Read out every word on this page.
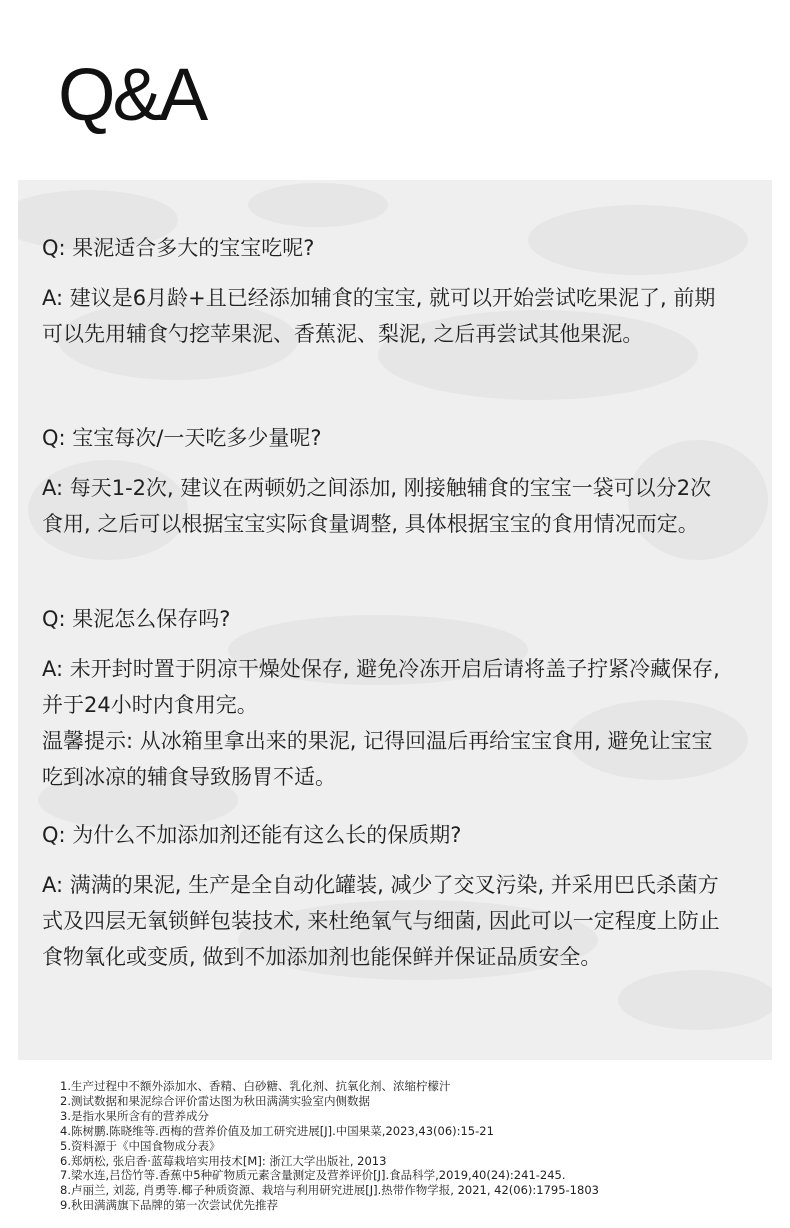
Q&A

Q: 果泥适合多大的宝宝吃呢?

A: 建议是6月龄+且已经添加辅食的宝宝, 就可以开始尝试吃果泥了, 前期可以先用辅食勺挖苹果泥、香蕉泥、梨泥, 之后再尝试其他果泥。

Q: 宝宝每次/一天吃多少量呢?

A: 每天1-2次, 建议在两顿奶之间添加, 刚接触辅食的宝宝一袋可以分2次食用, 之后可以根据宝宝实际食量调整, 具体根据宝宝的食用情况而定。

Q: 果泥怎么保存吗?

A: 未开封时置于阴凉干燥处保存, 避免冷冻开启后请将盖子拧紧冷藏保存, 并于24小时内食用完。

温馨提示: 从冰箱里拿出来的果泥, 记得回温后再给宝宝食用, 避免让宝宝吃到冰凉的辅食导致肠胃不适。

Q: 为什么不加添加剂还能有这么长的保质期?

A: 满满的果泥, 生产是全自动化罐装, 减少了交叉污染, 并采用巴氏杀菌方式及四层无氧锁鲜包装技术, 来杜绝氧气与细菌, 因此可以一定程度上防止食物氧化或变质, 做到不加添加剂也能保鲜并保证品质安全。

1.生产过程中不额外添加水、香精、白砂糖、乳化剂、抗氧化剂、浓缩柠檬汁
2.测试数据和果泥综合评价雷达图为秋田满满实验室内侧数据
3.是指水果所含有的营养成分
4.陈树鹏.陈晓维等.西梅的营养价值及加工研究进展[J].中国果菜,2023,43(06):15-21
5.资料源于《中国食物成分表》
6.郑炳松, 张启香·蓝莓栽培实用技术[M]: 浙江大学出版社, 2013
7.梁水连,吕岱竹等.香蕉中5种矿物质元素含量测定及营养评价[J].食品科学,2019,40(24):241-245.
8.卢丽兰, 刘蕊, 肖勇等.椰子种质资源、栽培与利用研究进展[J].热带作物学报, 2021, 42(06):1795-1803
9.秋田满满旗下品牌的第一次尝试优先推荐
